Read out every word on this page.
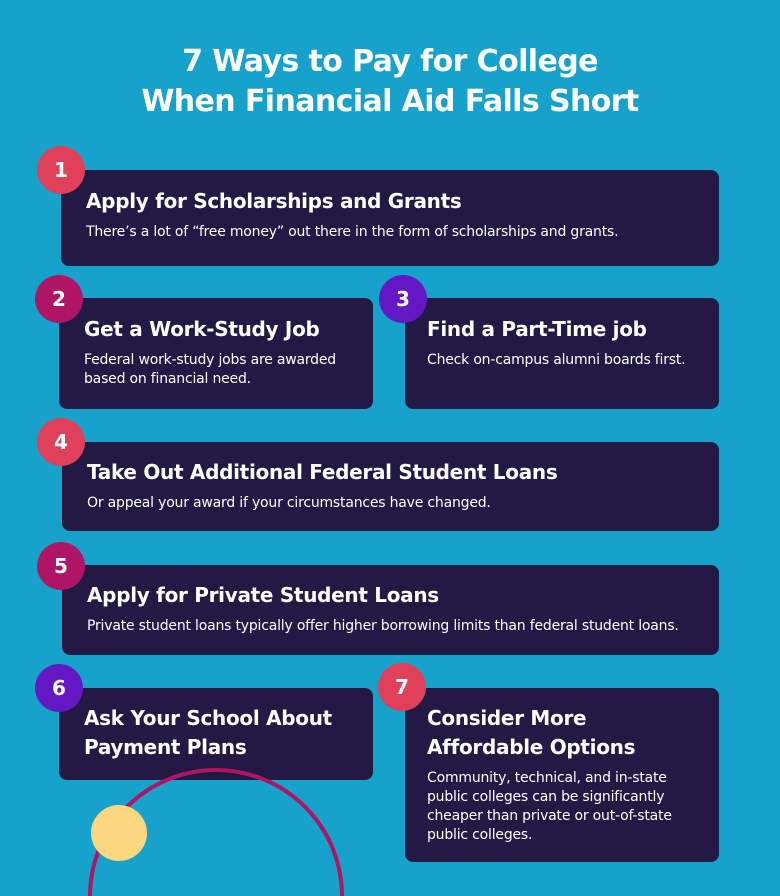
7 Ways to Pay for College
When Financial Aid Falls Short
Apply for Scholarships and Grants

There’s a lot of “free money” out there in the form of scholarships and grants.

1
Get a Work-Study Job

Federal work-study jobs are awarded based on financial need.

2
Find a Part-Time job

Check on-campus alumni boards first.

3
Take Out Additional Federal Student Loans

Or appeal your award if your circumstances have changed.

4
Apply for Private Student Loans

Private student loans typically offer higher borrowing limits than federal student loans.

5
Ask Your School About Payment Plans
6
Consider More Affordable Options

Community, technical, and in-state public colleges can be significantly cheaper than private or out-of-state public colleges.

7
